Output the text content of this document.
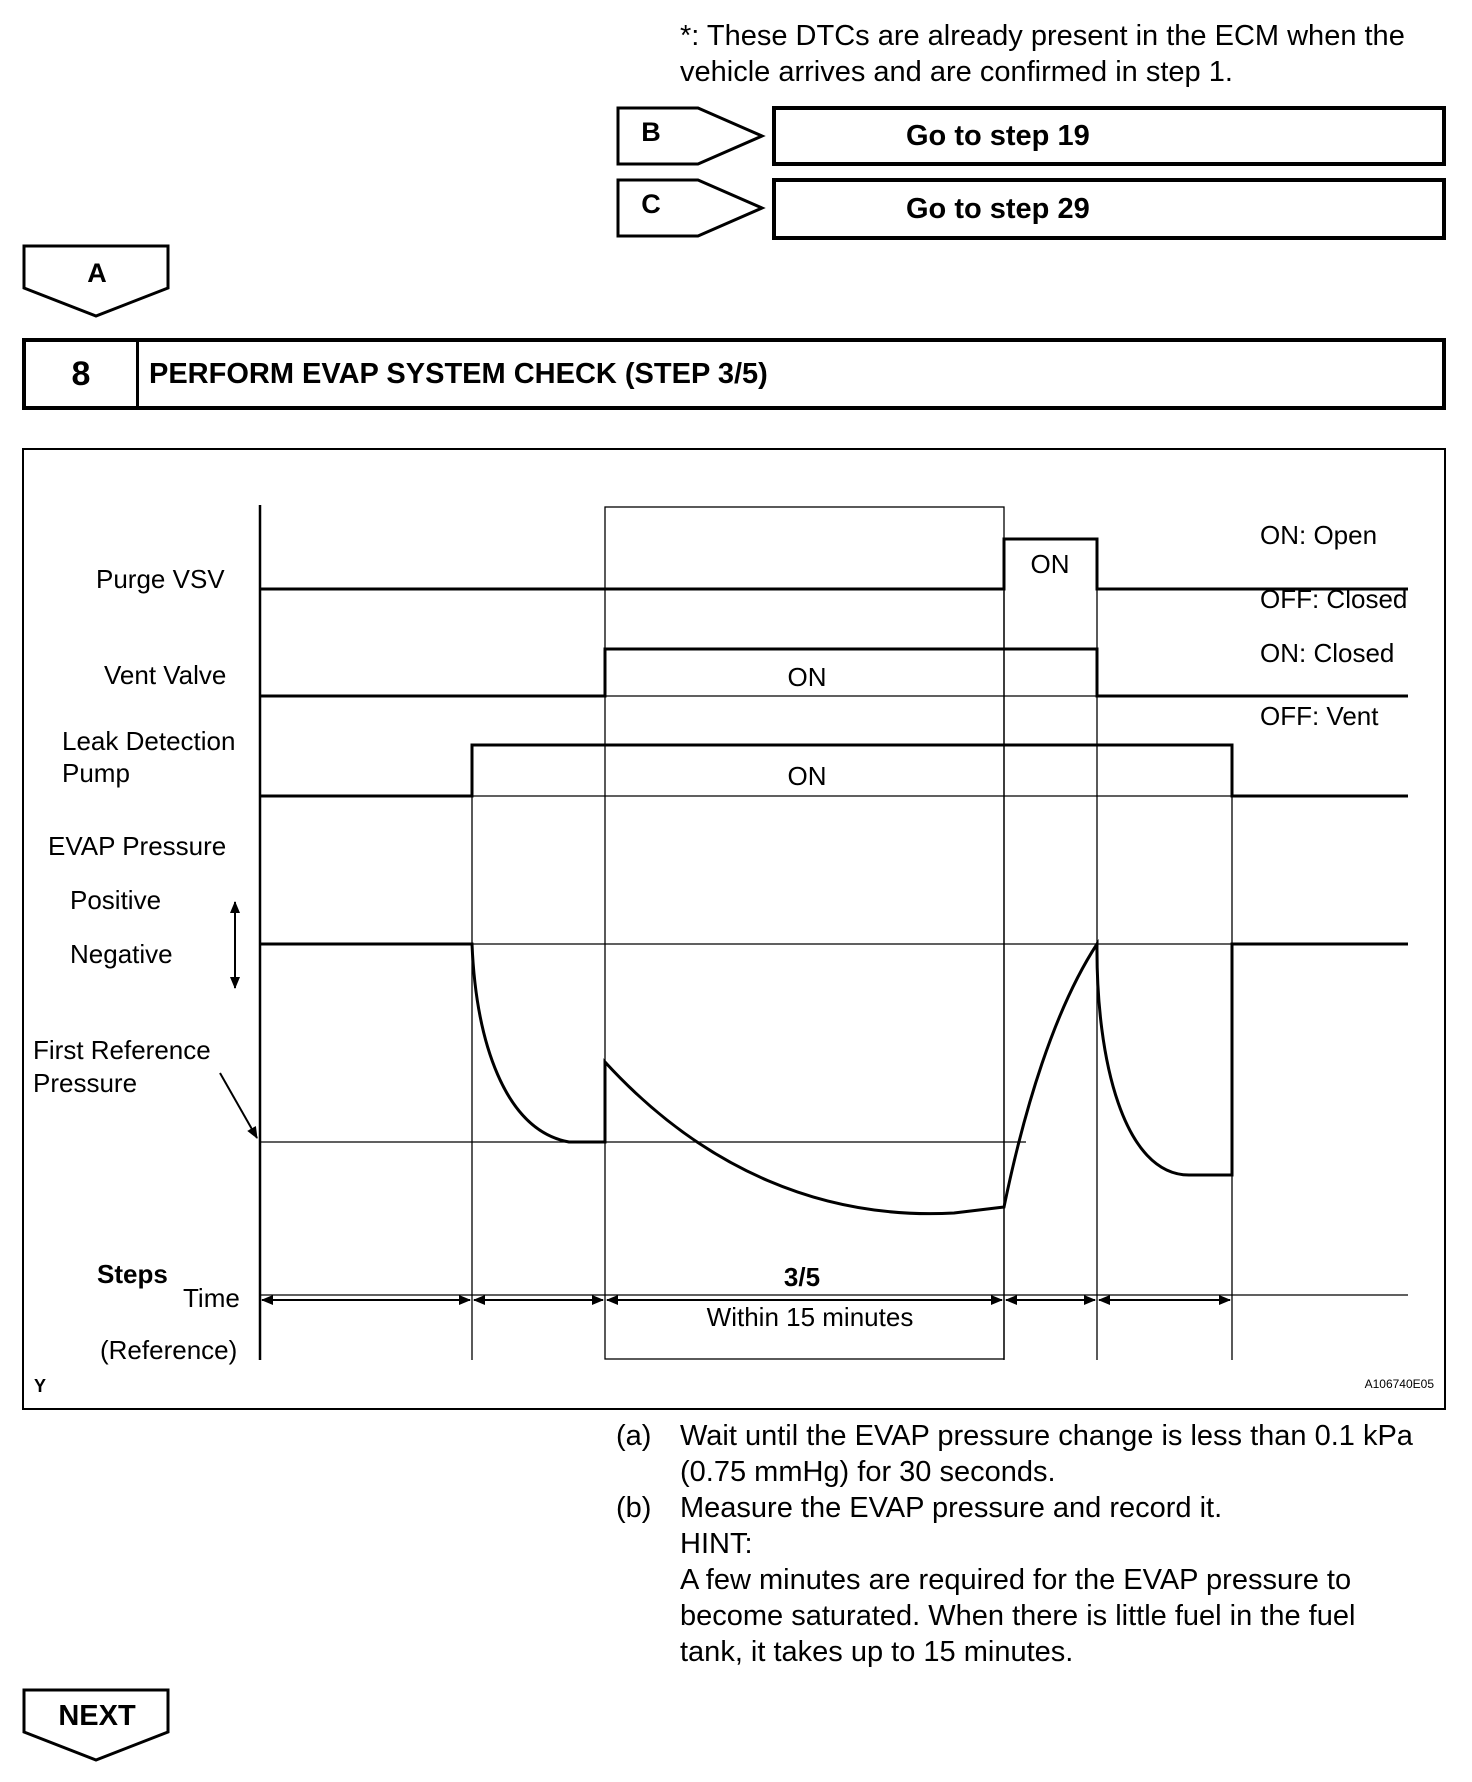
*: These DTCs are already present in the ECM when the vehicle arrives and are confirmed in step 1.
B	Go to step 19
C	Go to step 29
A
8	PERFORM EVAP SYSTEM CHECK (STEP 3/5)
Purge VSV
Vent Valve
Leak Detection
Pump
EVAP Pressure
Positive
Negative
First Reference
Pressure
Steps
Time
(Reference)
ON: Open
OFF: Closed
ON: Closed
OFF: Vent
ON
ON
ON
3/5
Within 15 minutes
Y	A106740E05
(a) Wait until the EVAP pressure change is less than 0.1 kPa
(0.75 mmHg) for 30 seconds.
(b) Measure the EVAP pressure and record it.
HINT:
A few minutes are required for the EVAP pressure to
become saturated. When there is little fuel in the fuel
tank, it takes up to 15 minutes.
NEXT
